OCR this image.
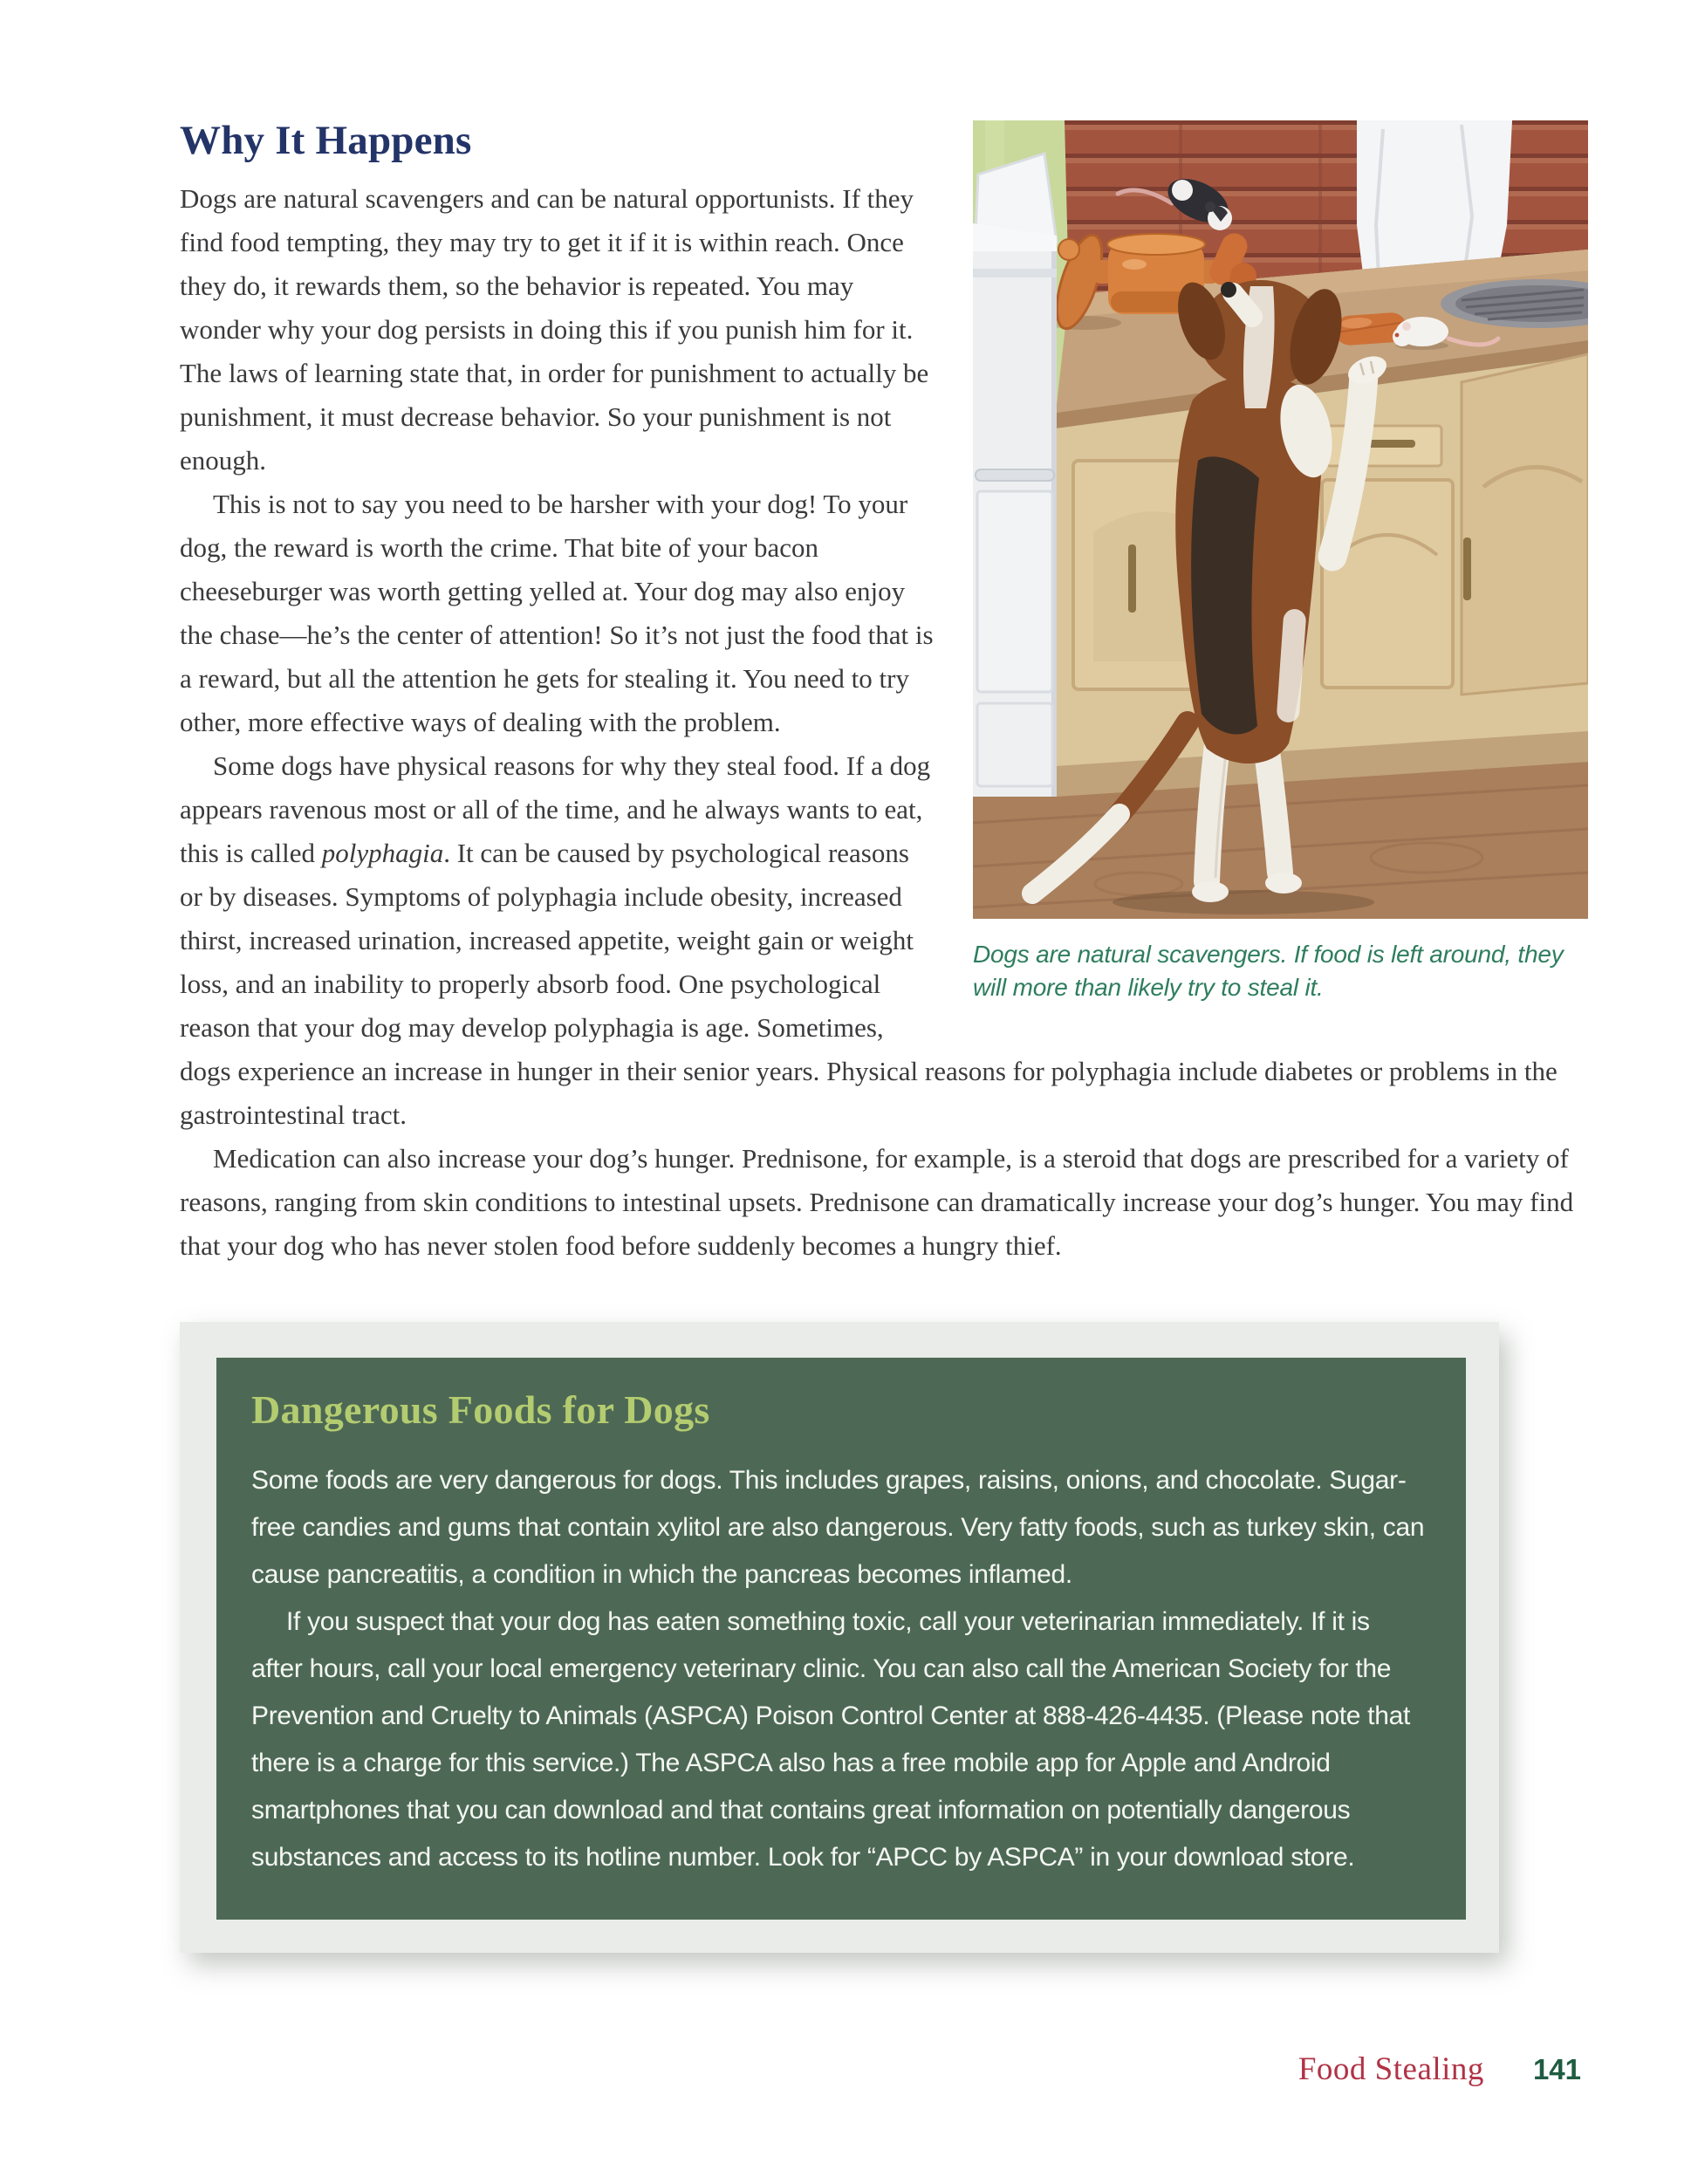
Dogs are natural scavengers. If food is left around, they will more than likely try to steal it.
Why It Happens

Dogs are natural scavengers and can be natural opportunists. If they find food tempting, they may try to get it if it is within reach. Once they do, it rewards them, so the behavior is repeated. You may wonder why your dog persists in doing this if you punish him for it. The laws of learning state that, in order for punishment to actually be punishment, it must decrease behavior. So your punishment is not enough.

This is not to say you need to be harsher with your dog! To your dog, the reward is worth the crime. That bite of your bacon cheeseburger was worth getting yelled at. Your dog may also enjoy the chase—he’s the center of attention! So it’s not just the food that is a reward, but all the attention he gets for stealing it. You need to try other, more effective ways of dealing with the problem.

Some dogs have physical reasons for why they steal food. If a dog appears ravenous most or all of the time, and he always wants to eat, this is called polyphagia. It can be caused by psychological reasons or by diseases. Symptoms of polyphagia include obesity, increased thirst, increased urination, increased appetite, weight gain or weight loss, and an inability to properly absorb food. One psychological reason that your dog may develop polyphagia is age. Sometimes, dogs experience an increase in hunger in their senior years. Physical reasons for polyphagia include diabetes or problems in the gastrointestinal tract.

Medication can also increase your dog’s hunger. Prednisone, for example, is a steroid that dogs are prescribed for a variety of reasons, ranging from skin conditions to intestinal upsets. Prednisone can dramatically increase your dog’s hunger. You may find that your dog who has never stolen food before suddenly becomes a hungry thief.

Dangerous Foods for Dogs

Some foods are very dangerous for dogs. This includes grapes, raisins, onions, and chocolate. Sugar-free candies and gums that contain xylitol are also dangerous. Very fatty foods, such as turkey skin, can cause pancreatitis, a condition in which the pancreas becomes inflamed.

If you suspect that your dog has eaten something toxic, call your veterinarian immediately. If it is after hours, call your local emergency veterinary clinic. You can also call the American Society for the Prevention and Cruelty to Animals (ASPCA) Poison Control Center at 888-426-4435. (Please note that there is a charge for this service.) The ASPCA also has a free mobile app for Apple and Android smartphones that you can download and that contains great information on potentially dangerous substances and access to its hotline number. Look for “APCC by ASPCA” in your download store.

Food Stealing 141
